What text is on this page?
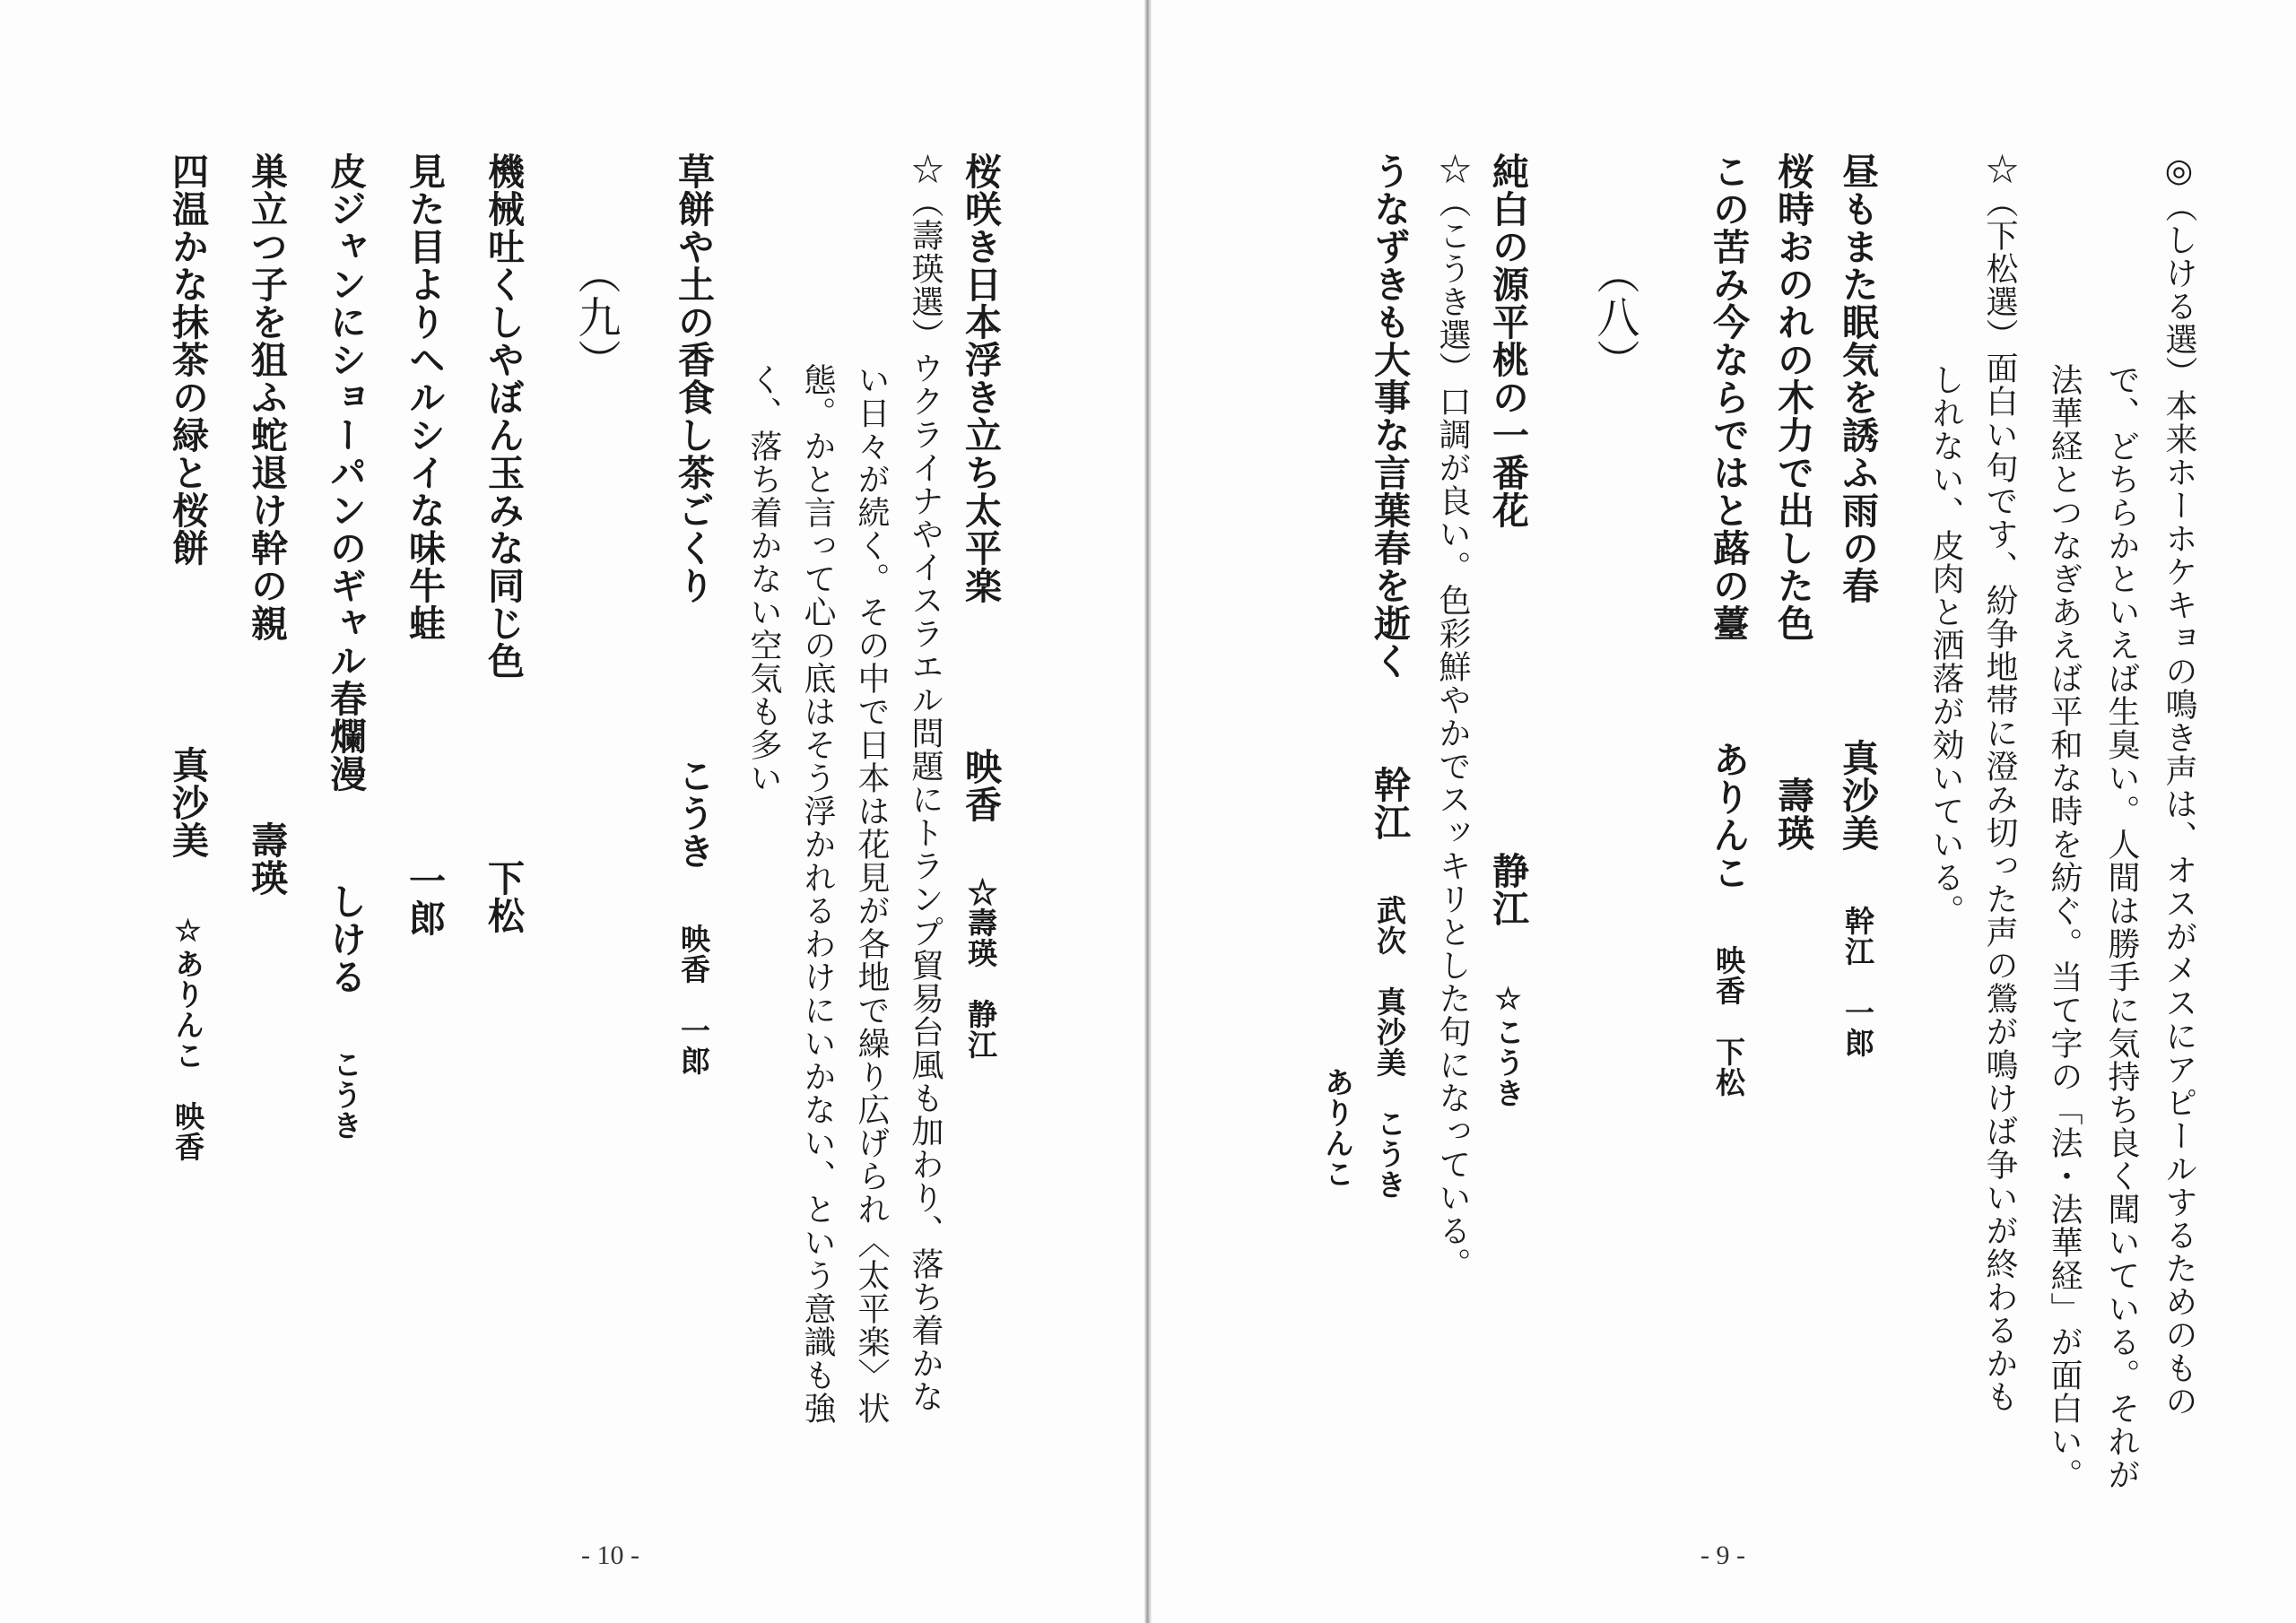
◎（しける選）本来ホーホケキョの鳴き声は、オスがメスにアピールするためのもの
で、どちらかといえば生臭い。人間は勝手に気持ち良く聞いている。それが
法華経とつなぎあえば平和な時を紡ぐ。当て字の「法・法華経」が面白い。
☆（下松選）面白い句です、紛争地帯に澄み切った声の鶯が鳴けば争いが終わるかも
しれない、皮肉と洒落が効いている。
昼もまた眠気を誘ふ雨の春真沙美幹江　一郎
桜時おのれの木力で出した色壽瑛
この苦み今ならではと蕗の薹ありんこ映香　下松
（八）
純白の源平桃の一番花静江☆こうき
☆（こうき選）口調が良い。色彩鮮やかでスッキリとした句になっている。
うなずきも大事な言葉春を逝く幹江武次　真沙美　こうき
ありんこ
- 9 -
桜咲き日本浮き立ち太平楽映香☆壽瑛　静江
☆（壽瑛選）ウクライナやイスラエル問題にトランプ貿易台風も加わり、落ち着かな
い日々が続く。その中で日本は花見が各地で繰り広げられ〈太平楽〉状
態。かと言って心の底はそう浮かれるわけにいかない、という意識も強
く、落ち着かない空気も多い
草餅や土の香食し茶ごくりこうき映香　一郎
（九）
機械吐くしやぼん玉みな同じ色下松
見た目よりヘルシイな味牛蛙一郎
皮ジャンにショーパンのギャル春爛漫しけるこうき
巣立つ子を狙ふ蛇退け幹の親壽瑛
四温かな抹茶の緑と桜餅真沙美☆ありんこ　映香
- 10 -
